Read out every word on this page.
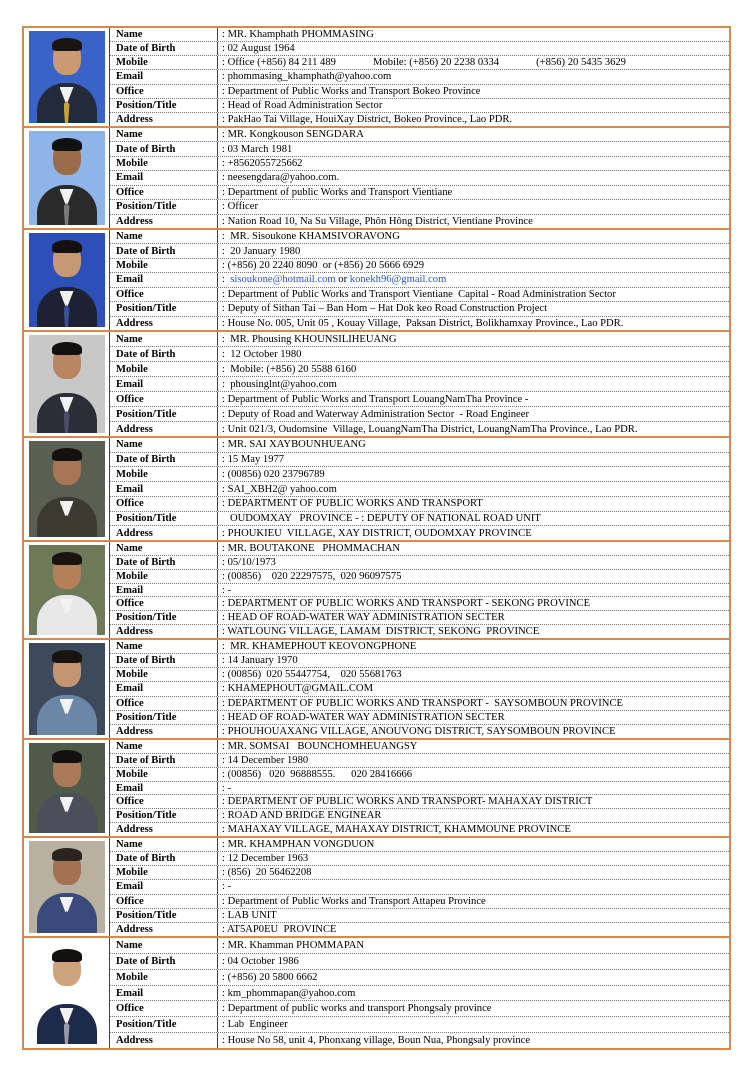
Name	: MR. Khamphath PHOMMASING
Date of Birth	: 02 August 1964
Mobile	: Office (+856) 84 211 489              Mobile: (+856) 20 2238 0334              (+856) 20 5435 3629
Email	: phommasing_khamphath@yahoo.com
Office	: Department of Public Works and Transport Bokeo Province
Position/Title	: Head of Road Administration Sector
Address	: PakHao Tai Village, HouiXay District, Bokeo Province., Lao PDR.
Name	: MR. Kongkouson SENGDARA
Date of Birth	: 03 March 1981
Mobile	: +8562055725662
Email	: neesengdara@yahoo.com.
Office	: Department of public Works and Transport Vientiane
Position/Title	: Officer
Address	: Nation Road 10, Na Su Village, Phôn Hông District, Vientiane Province
Name	:  MR. Sisoukone KHAMSIVORAVONG
Date of Birth	:  20 January 1980
Mobile	: (+856) 20 2240 8090  or (+856) 20 5666 6929
Email	: sisoukone@hotmail.com or konekh96@gmail.com
Office	: Department of Public Works and Transport Vientiane  Capital - Road Administration Sector
Position/Title	: Deputy of Sithan Tai – Ban Hom – Hat Dok keo Road Construction Project
Address	: House No. 005, Unit 05 , Kouay Village,  Paksan District, Bolikhamxay Province., Lao PDR.
Name	:  MR. Phousing KHOUNSILIHEUANG
Date of Birth	:  12 October 1980
Mobile	:  Mobile: (+856) 20 5588 6160
Email	:  phousinglnt@yahoo.com
Office	: Department of Public Works and Transport LouangNamTha Province -
Position/Title	: Deputy of Road and Waterway Administration Sector  - Road Engineer
Address	: Unit 021/3, Oudomsine  Village, LouangNamTha District, LouangNamTha Province., Lao PDR.
Name	: MR. SAI XAYBOUNHUEANG
Date of Birth	: 15 May 1977
Mobile	: (00856) 020 23796789
Email	: SAI_XBH2@ yahoo.com
Office	: DEPARTMENT OF PUBLIC WORKS AND TRANSPORT
Position/Title	OUDOMXAY   PROVINCE - : DEPUTY OF NATIONAL ROAD UNIT
Address	: PHOUKIEU  VILLAGE, XAY DISTRICT, OUDOMXAY PROVINCE
Name	: MR. BOUTAKONE   PHOMMACHAN
Date of Birth	: 05/10/1973
Mobile	: (00856)    020 22297575,  020 96097575
Email	: -
Office	: DEPARTMENT OF PUBLIC WORKS AND TRANSPORT - SEKONG PROVINCE
Position/Title	: HEAD OF ROAD-WATER WAY ADMINISTRATION SECTER
Address	: WATLOUNG VILLAGE, LAMAM  DISTRICT, SEKONG  PROVINCE
Name	:  MR. KHAMEPHOUT KEOVONGPHONE
Date of Birth	: 14 January 1970
Mobile	: (00856)  020 55447754,    020 55681763
Email	: KHAMEPHOUT@GMAIL.COM
Office	: DEPARTMENT OF PUBLIC WORKS AND TRANSPORT -  SAYSOMBOUN PROVINCE
Position/Title	: HEAD OF ROAD-WATER WAY ADMINISTRATION SECTER
Address	: PHOUHOUAXANG VILLAGE, ANOUVONG DISTRICT, SAYSOMBOUN PROVINCE
Name	: MR. SOMSAI   BOUNCHOMHEUANGSY
Date of Birth	: 14 December 1980
Mobile	: (00856)   020  96888555.      020 28416666
Email	: -
Office	: DEPARTMENT OF PUBLIC WORKS AND TRANSPORT- MAHAXAY DISTRICT
Position/Title	: ROAD AND BRIDGE ENGINEAR
Address	: MAHAXAY VILLAGE, MAHAXAY DISTRICT, KHAMMOUNE PROVINCE
Name	: MR. KHAMPHAN VONGDUON
Date of Birth	: 12 December 1963
Mobile	: (856)  20 56462208
Email	: -
Office	: Department of Public Works and Transport Attapeu Province
Position/Title	: LAB UNIT
Address	: AT5AP0EU  PROVINCE
Name	: MR. Khamman PHOMMAPAN
Date of Birth	: 04 October 1986
Mobile	: (+856) 20 5800 6662
Email	: km_phommapan@yahoo.com
Office	: Department of public works and transport Phongsaly province
Position/Title	: Lab  Engineer
Address	: House No 58, unit 4, Phonxang village, Boun Nua, Phongsaly province
